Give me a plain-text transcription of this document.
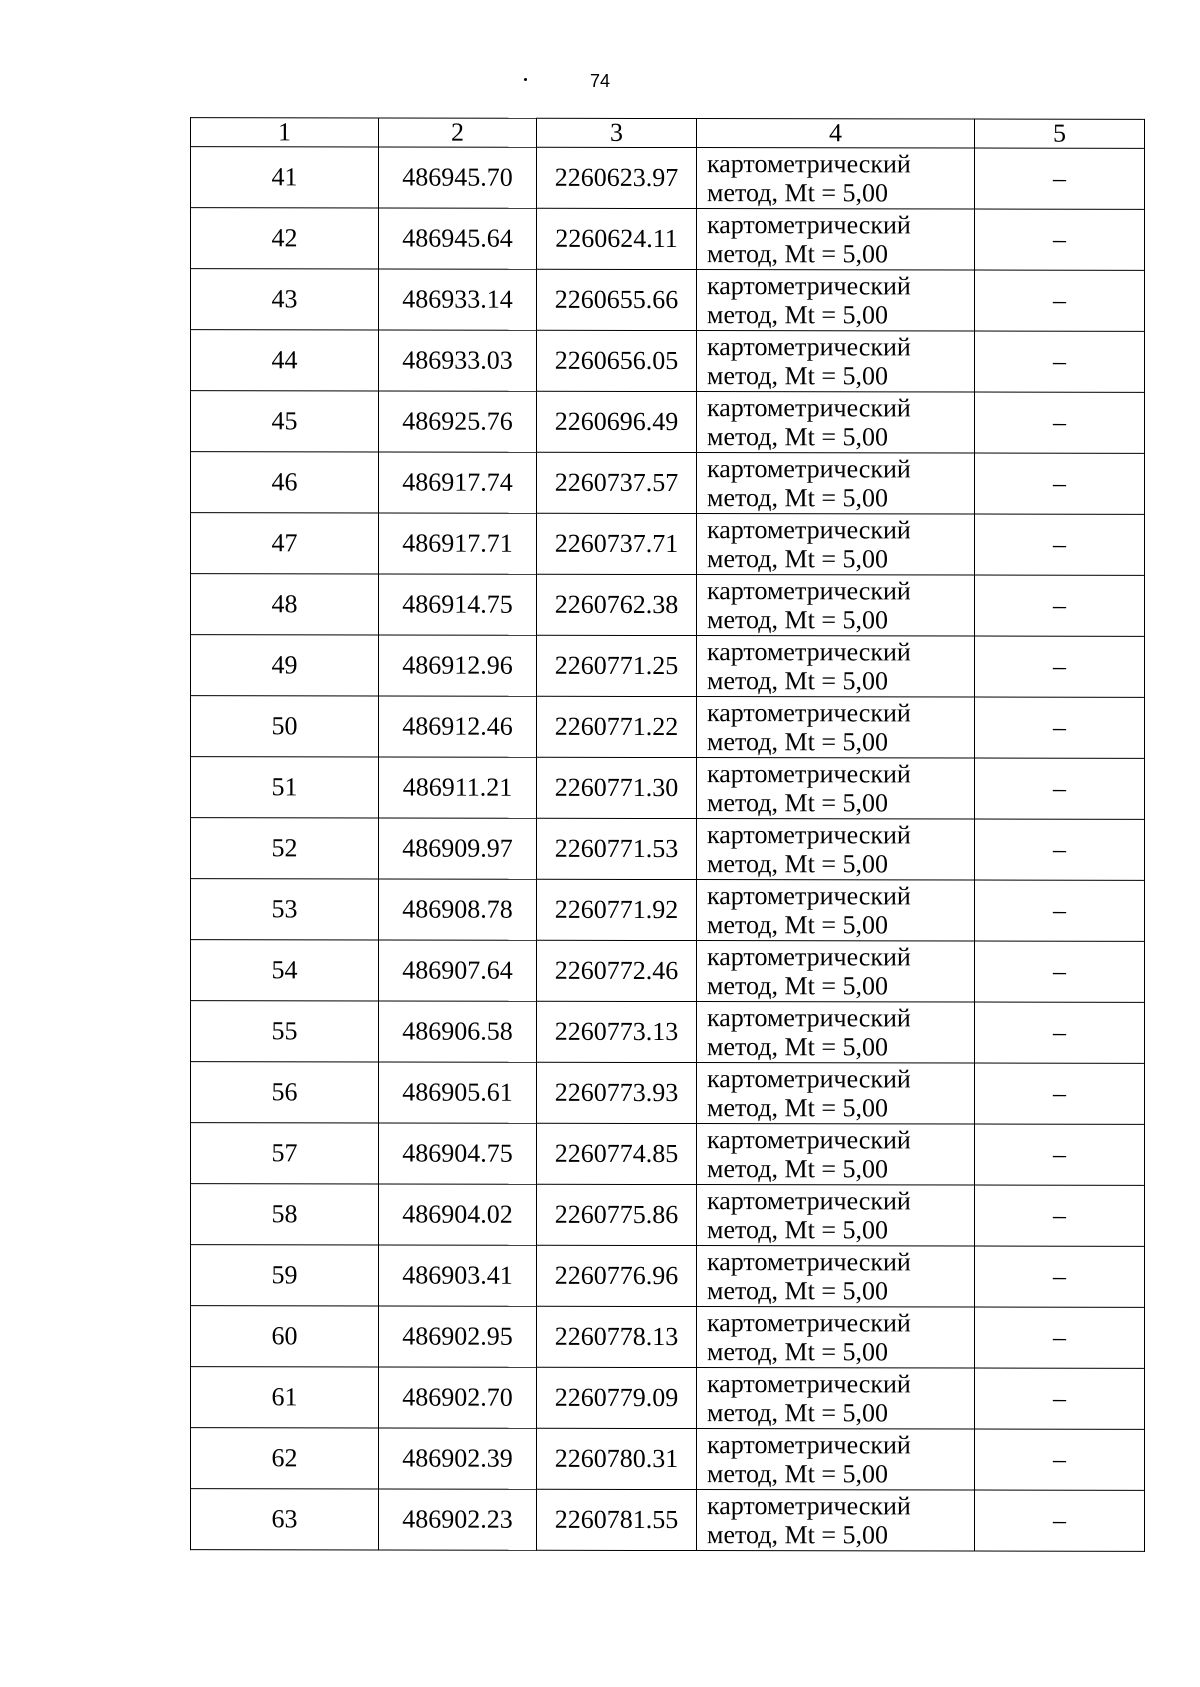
74
1	2	3	4	5
41	486945.70	2260623.97	картометрический
метод, Mt = 5,00	–
42	486945.64	2260624.11	картометрический
метод, Mt = 5,00	–
43	486933.14	2260655.66	картометрический
метод, Mt = 5,00	–
44	486933.03	2260656.05	картометрический
метод, Mt = 5,00	–
45	486925.76	2260696.49	картометрический
метод, Mt = 5,00	–
46	486917.74	2260737.57	картометрический
метод, Mt = 5,00	–
47	486917.71	2260737.71	картометрический
метод, Mt = 5,00	–
48	486914.75	2260762.38	картометрический
метод, Mt = 5,00	–
49	486912.96	2260771.25	картометрический
метод, Mt = 5,00	–
50	486912.46	2260771.22	картометрический
метод, Mt = 5,00	–
51	486911.21	2260771.30	картометрический
метод, Mt = 5,00	–
52	486909.97	2260771.53	картометрический
метод, Mt = 5,00	–
53	486908.78	2260771.92	картометрический
метод, Mt = 5,00	–
54	486907.64	2260772.46	картометрический
метод, Mt = 5,00	–
55	486906.58	2260773.13	картометрический
метод, Mt = 5,00	–
56	486905.61	2260773.93	картометрический
метод, Mt = 5,00	–
57	486904.75	2260774.85	картометрический
метод, Mt = 5,00	–
58	486904.02	2260775.86	картометрический
метод, Mt = 5,00	–
59	486903.41	2260776.96	картометрический
метод, Mt = 5,00	–
60	486902.95	2260778.13	картометрический
метод, Mt = 5,00	–
61	486902.70	2260779.09	картометрический
метод, Mt = 5,00	–
62	486902.39	2260780.31	картометрический
метод, Mt = 5,00	–
63	486902.23	2260781.55	картометрический
метод, Mt = 5,00	–
